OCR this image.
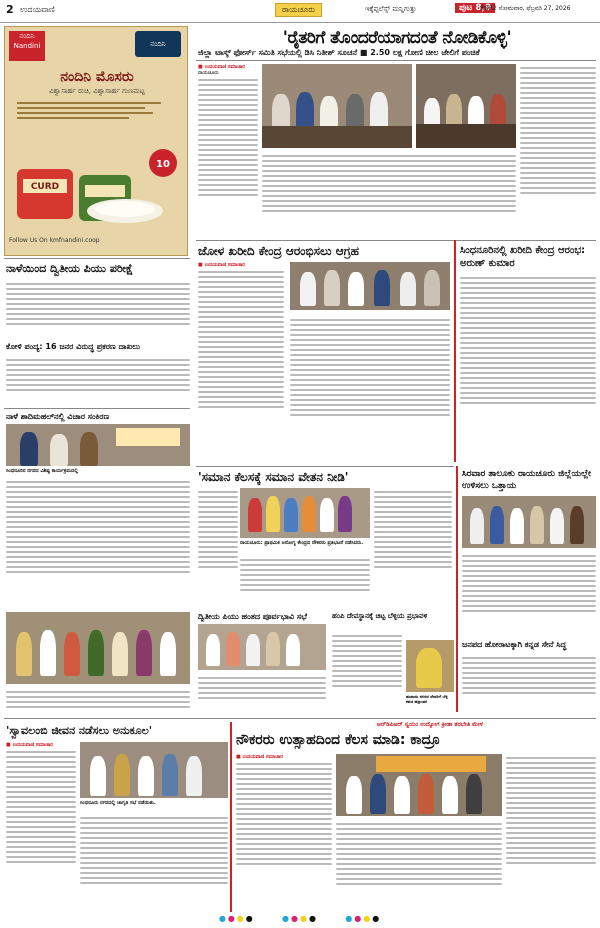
2 ಉದಯವಾಣಿ	ರಾಯಚೂರು	ಇಕ್ಕೆಪ್ಪಲೆಸ್ಸ್ ಮನ್ನಿಗುತ್ತು	ಪುಟ 8,9
ROR2 ಸೋಮವಾರ, ಫೆಬ್ರವರಿ 27, 2026
ನಂದಿನಿ Nandini	ನಂದಿನಿ
ನಂದಿನಿ ಮೊಸರು
ವಿಶ್ವಾಸಾರ್ಹ ರುಚಿ, ವಿಶ್ವಾಸಾರ್ಹ ಗುಣಮಟ್ಟ
CURD
10
Follow Us On kmfnandini.coop
'ರೈತರಿಗೆ ತೊಂದರೆಯಾಗದಂತೆ ನೋಡಿಕೊಳ್ಳಿ'
ಜಿಲ್ಲಾ ಟಾಸ್ಕ್ ಫೋರ್ಸ್ ಸಮಿತಿ ಸಭೆಯಲ್ಲಿ ಡಿಸಿ ನಿತೀಶ್ ಸೂಚನೆ ■ 2.50 ಲಕ್ಷ ಗೋಣಿ ಚೀಲ ಜೇಲಿಗೆ ಪಂಚಿಕೆ
■ ಉದಯವಾಣಿ ಸಮಾಚಾರ
ರಾಯಚೂರು
ಜೋಳ ಖರೀದಿ ಕೇಂದ್ರ ಆರಂಭಿಸಲು ಆಗ್ರಹ
■ ಉದಯವಾಣಿ ಸಮಾಚಾರ
ಸಿಂಧನೂರಿನಲ್ಲಿ ಖರೀದಿ ಕೇಂದ್ರ ಆರಂಭ: ಅರುಣ್ ಕುಮಾರ
ನಾಳೆಯಿಂದ ದ್ವಿತೀಯ ಪಿಯು ಪರೀಕ್ಷೆ
ಕೋಳಿ ಪಂದ್ಯ: 16 ಜನರ ವಿರುದ್ಧ ಪ್ರಕರಣ ದಾಖಲು
ನಾಳೆ ಶಾದಿಮಹಲ್‌ನಲ್ಲಿ ವಿಚಾರ ಸಂಕಿರಣ
ಸಿಂಧನೂರಿನ ನಗರದ ವಿಶಿಷ್ಟ ಕಾರ್ಯಕ್ರಮದಲ್ಲಿ	'ಸಮಾನ ಕೆಲಸಕ್ಕೆ ಸಮಾನ ವೇತನ ನೀಡಿ'
ರಾಯಚೂರು: ಪ್ರಾಥಮಿಕ ಆರೋಗ್ಯ ಕೇಂದ್ರದ ನೌಕರರು ಪ್ರತಿಭಟನೆ ನಡೆಸಿದರು.
ಸಿರವಾರ ತಾಲೂಕು ರಾಯಚೂರು ಜಿಲ್ಲೆಯಲ್ಲೇ ಉಳಿಸಲು ಒತ್ತಾಯ
ಜನಪದ ಹೋರಾಟಕ್ಕಾಗಿ ಕನ್ನಡ ಸೇನೆ ಸಿದ್ಧ
ದ್ವಿತೀಯ ಪಿಯು ಹಂತದ ಪೂರ್ವಭಾವಿ ಸಭೆ	ಹಂಪಿ ದೇವಸ್ಥಾನಕ್ಕೆ ಚಿಟ್ಟ ಬೆಳ್ಳಿಯ ಪ್ರಭಾವಳಿ
ಹುಡಾಯಿ ನಗರದ ದೇವರಿಗೆ ಬೆಳ್ಳಿ ಕವಚ ಹಸ್ತಾಂತರ
ಆರ್‌ಡಿಪಿಆರ್ ಸ್ವಯಂ ಉದ್ಯೋಗ ಕ್ರೀಡಾ ತರಬೇತಿ ಮೇಳ
ನೌಕರರು ಉತ್ಸಾಹದಿಂದ ಕೆಲಸ ಮಾಡಿ: ಕಾದ್ರೂ
■ ಉದಯವಾಣಿ ಸಮಾಚಾರ
'ಸ್ವಾವಲಂಬಿ ಜೀವನ ನಡೆಸಲು ಅನುಕೂಲ'
■ ಉದಯವಾಣಿ ಸಮಾಚಾರ
ಸಿಂಧನೂರು ನಗರದಲ್ಲಿ ಜಾಗೃತಿ ಸಭೆ ನಡೆಯಿತು.
●●●●	●●●●	●●●●
